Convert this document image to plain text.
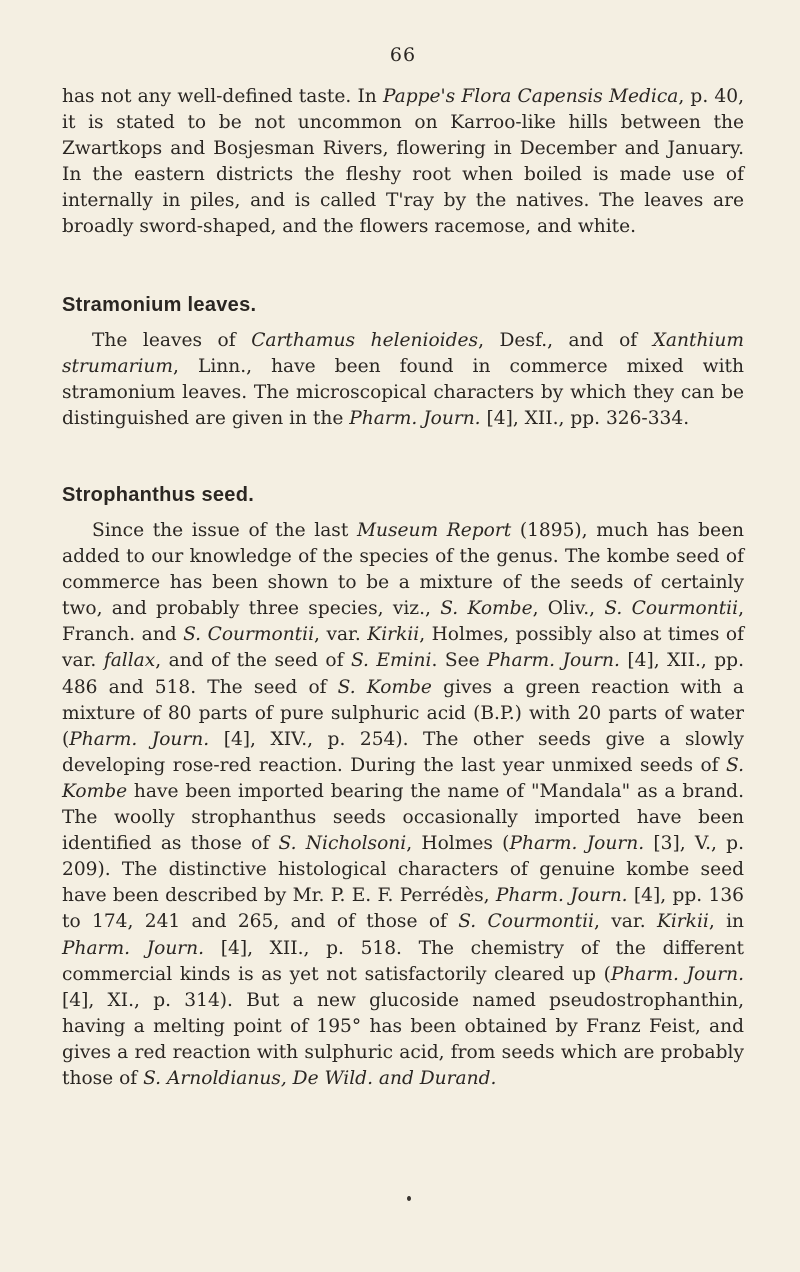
66

has not any well-defined taste. In Pappe's Flora Capensis Medica, p. 40, it is stated to be not uncommon on Karroo-like hills between the Zwartkops and Bosjesman Rivers, flowering in December and January. In the eastern districts the fleshy root when boiled is made use of internally in piles, and is called T'ray by the natives. The leaves are broadly sword-shaped, and the flowers racemose, and white.

Stramonium leaves.

The leaves of Carthamus helenioides, Desf., and of Xanthium strumarium, Linn., have been found in commerce mixed with stramonium leaves. The microscopical characters by which they can be distinguished are given in the Pharm. Journ. [4], XII., pp. 326-334.

Strophanthus seed.

Since the issue of the last Museum Report (1895), much has been added to our knowledge of the species of the genus. The kombe seed of commerce has been shown to be a mixture of the seeds of certainly two, and probably three species, viz., S. Kombe, Oliv., S. Courmontii, Franch. and S. Courmontii, var. Kirkii, Holmes, possibly also at times of var. fallax, and of the seed of S. Emini. See Pharm. Journ. [4], XII., pp. 486 and 518. The seed of S. Kombe gives a green reaction with a mixture of 80 parts of pure sulphuric acid (B.P.) with 20 parts of water (Pharm. Journ. [4], XIV., p. 254). The other seeds give a slowly developing rose-red reaction. During the last year unmixed seeds of S. Kombe have been imported bearing the name of "Mandala" as a brand. The woolly strophanthus seeds occasionally imported have been identified as those of S. Nicholsoni, Holmes (Pharm. Journ. [3], V., p. 209). The distinctive histological characters of genuine kombe seed have been described by Mr. P. E. F. Perrédès, Pharm. Journ. [4], pp. 136 to 174, 241 and 265, and of those of S. Courmontii, var. Kirkii, in Pharm. Journ. [4], XII., p. 518. The chemistry of the different commercial kinds is as yet not satisfactorily cleared up (Pharm. Journ. [4], XI., p. 314). But a new glucoside named pseudostrophanthin, having a melting point of 195° has been obtained by Franz Feist, and gives a red reaction with sulphuric acid, from seeds which are probably those of S. Arnoldianus, De Wild. and Durand.
